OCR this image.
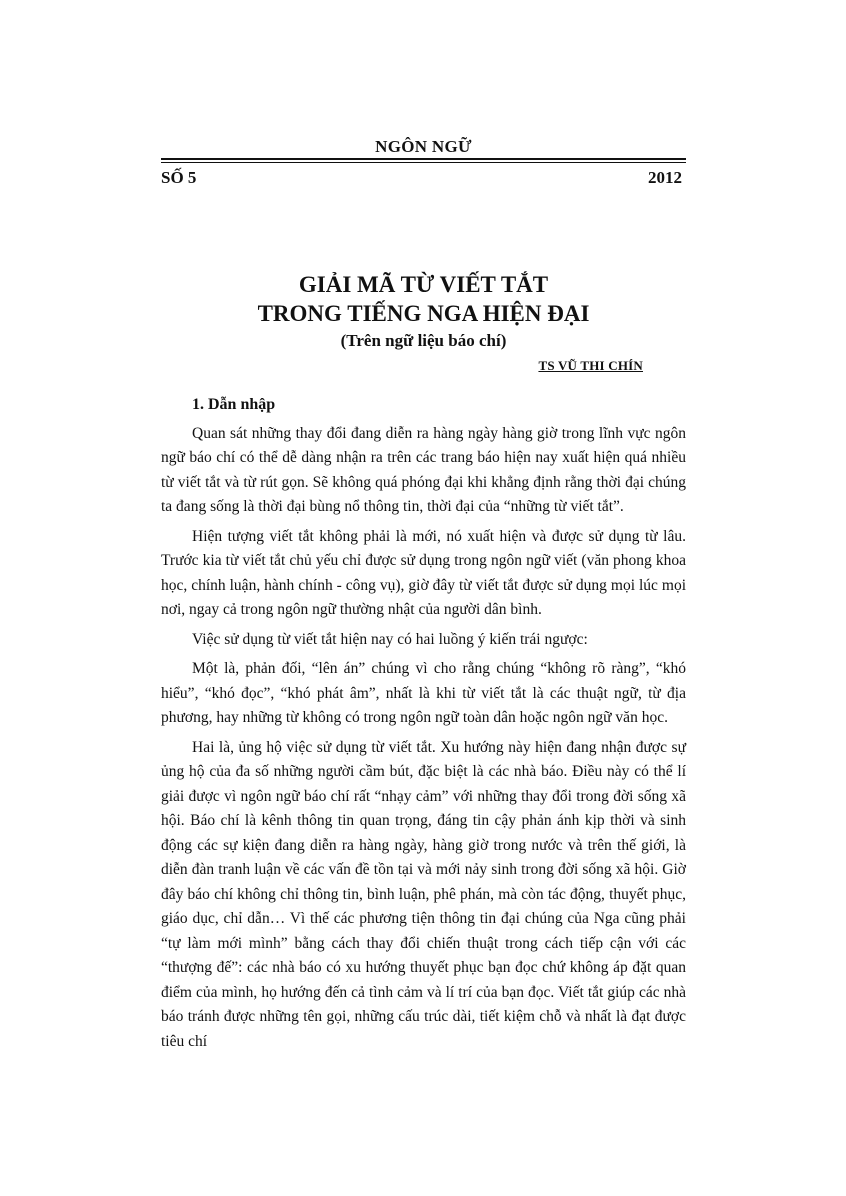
NGÔN NGỮ
SỐ 5	2012
GIẢI MÃ TỪ VIẾT TẮT
TRONG TIẾNG NGA HIỆN ĐẠI
(Trên ngữ liệu báo chí)
TS VŨ THI CHÍN
1. Dẫn nhập

Quan sát những thay đổi đang diễn ra hàng ngày hàng giờ trong lĩnh vực ngôn ngữ báo chí có thể dễ dàng nhận ra trên các trang báo hiện nay xuất hiện quá nhiều từ viết tắt và từ rút gọn. Sẽ không quá phóng đại khi khẳng định rằng thời đại chúng ta đang sống là thời đại bùng nổ thông tin, thời đại của “những từ viết tắt”.

Hiện tượng viết tắt không phải là mới, nó xuất hiện và được sử dụng từ lâu. Trước kia từ viết tắt chủ yếu chỉ được sử dụng trong ngôn ngữ viết (văn phong khoa học, chính luận, hành chính - công vụ), giờ đây từ viết tắt được sử dụng mọi lúc mọi nơi, ngay cả trong ngôn ngữ thường nhật của người dân bình.

Việc sử dụng từ viết tắt hiện nay có hai luồng ý kiến trái ngược:

Một là, phản đối, “lên án” chúng vì cho rằng chúng “không rõ ràng”, “khó hiểu”, “khó đọc”, “khó phát âm”, nhất là khi từ viết tắt là các thuật ngữ, từ địa phương, hay những từ không có trong ngôn ngữ toàn dân hoặc ngôn ngữ văn học.

Hai là, ủng hộ việc sử dụng từ viết tắt. Xu hướng này hiện đang nhận được sự ủng hộ của đa số những người cầm bút, đặc biệt là các nhà báo. Điều này có thể lí giải được vì ngôn ngữ báo chí rất “nhạy cảm” với những thay đổi trong đời sống xã hội. Báo chí là kênh thông tin quan trọng, đáng tin cậy phản ánh kịp thời và sinh động các sự kiện đang diễn ra hàng ngày, hàng giờ trong nước và trên thế giới, là diễn đàn tranh luận về các vấn đề tồn tại và mới nảy sinh trong đời sống xã hội. Giờ đây báo chí không chỉ thông tin, bình luận, phê phán, mà còn tác động, thuyết phục, giáo dục, chỉ dẫn… Vì thế các phương tiện thông tin đại chúng của Nga cũng phải “tự làm mới mình” bằng cách thay đổi chiến thuật trong cách tiếp cận với các “thượng đế”: các nhà báo có xu hướng thuyết phục bạn đọc chứ không áp đặt quan điểm của mình, họ hướng đến cả tình cảm và lí trí của bạn đọc. Viết tắt giúp các nhà báo tránh được những tên gọi, những cấu trúc dài, tiết kiệm chỗ và nhất là đạt được tiêu chí
